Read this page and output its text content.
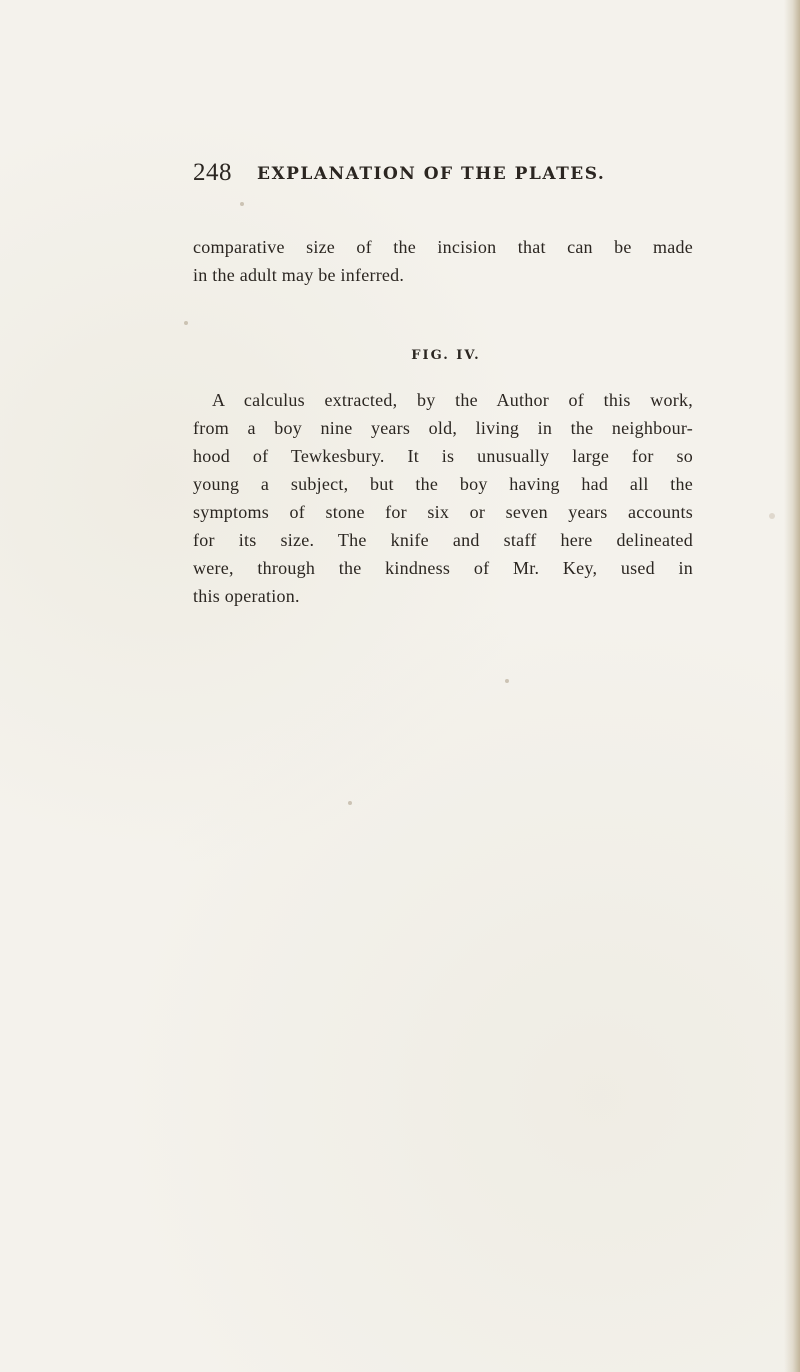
248 EXPLANATION OF THE PLATES.
comparative size of the incision that can be made
in the adult may be inferred.
FIG. IV.
A calculus extracted, by the Author of this work,
from a boy nine years old, living in the neighbour-
hood of Tewkesbury. It is unusually large for so
young a subject, but the boy having had all the
symptoms of stone for six or seven years accounts
for its size. The knife and staff here delineated
were, through the kindness of Mr. Key, used in
this operation.
